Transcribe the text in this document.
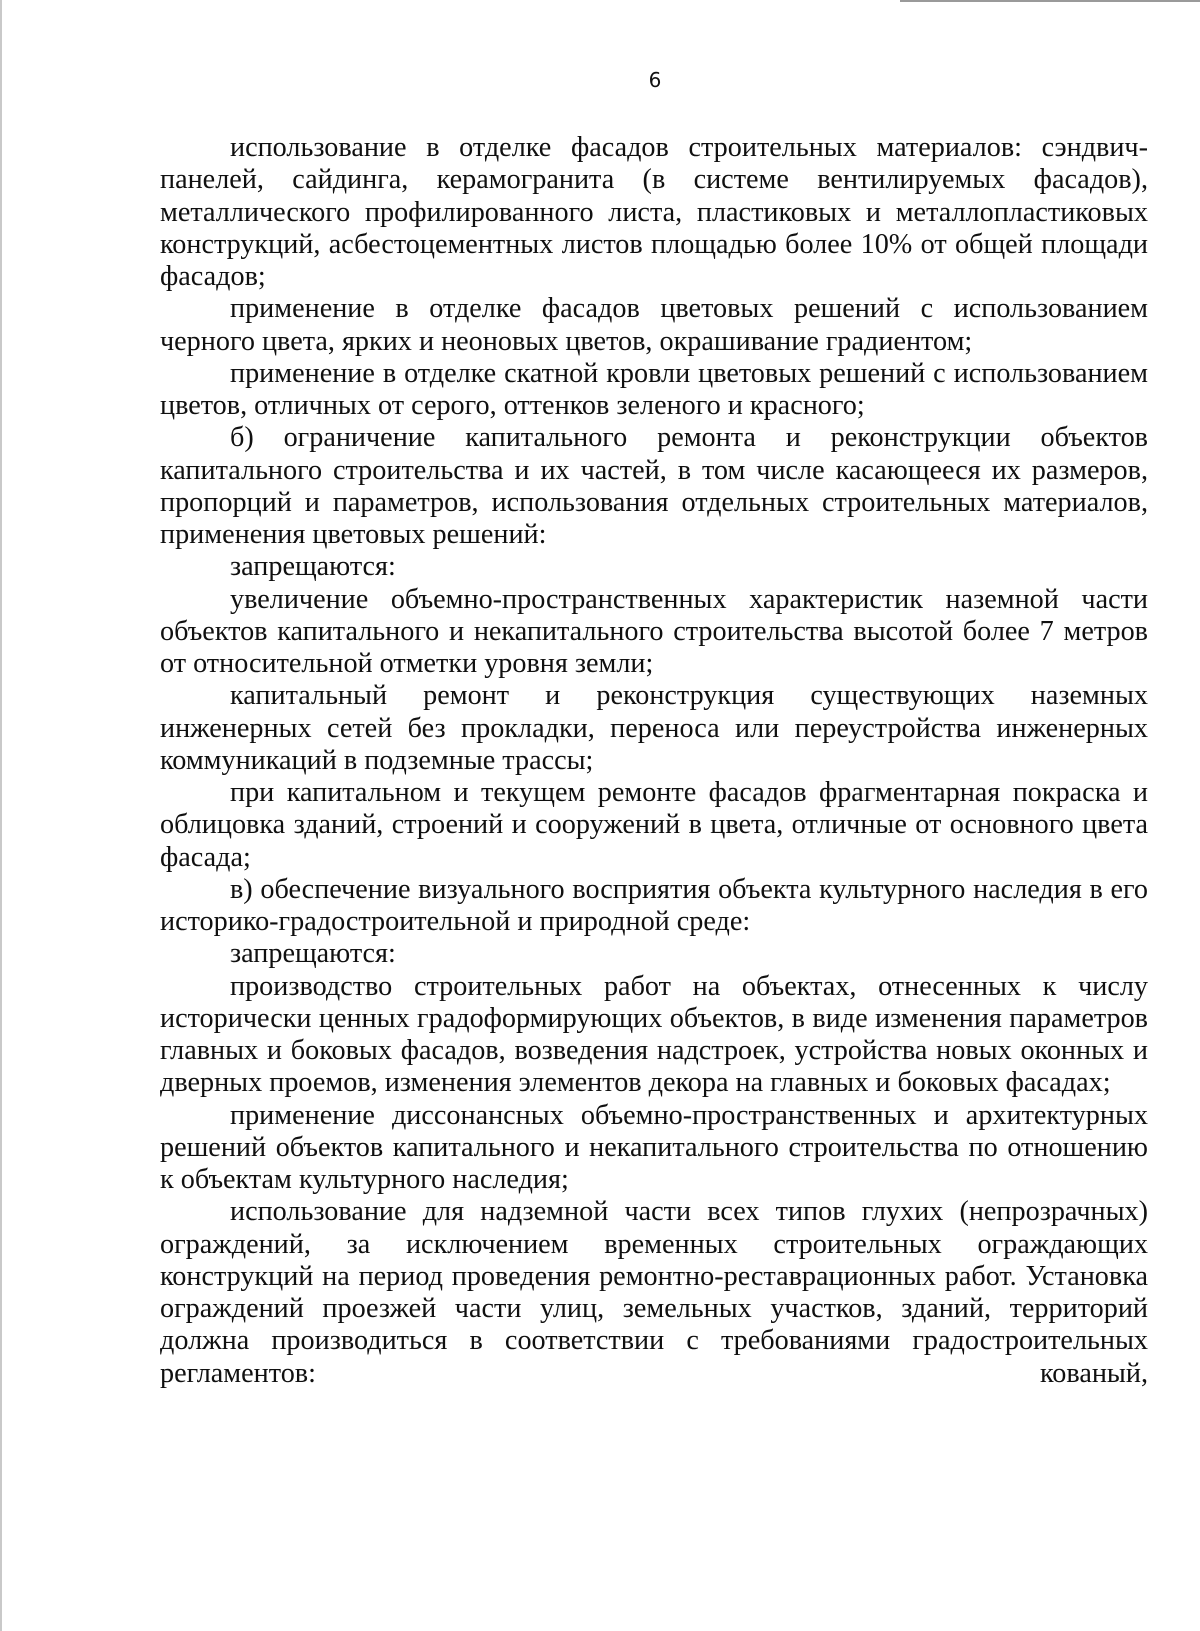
6

использование в отделке фасадов строительных материалов: сэндвич-панелей, сайдинга, керамогранита (в системе вентилируемых фасадов), металлического профилированного листа, пластиковых и металлопластиковых конструкций, асбестоцементных листов площадью более 10% от общей площади фасадов;

применение в отделке фасадов цветовых решений с использованием черного цвета, ярких и неоновых цветов, окрашивание градиентом;

применение в отделке скатной кровли цветовых решений с использованием цветов, отличных от серого, оттенков зеленого и красного;

б) ограничение капитального ремонта и реконструкции объектов капитального строительства и их частей, в том числе касающееся их размеров, пропорций и параметров, использования отдельных строительных материалов, применения цветовых решений:

запрещаются:

увеличение объемно-пространственных характеристик наземной части объектов капитального и некапитального строительства высотой более 7 метров от относительной отметки уровня земли;

капитальный ремонт и реконструкция существующих наземных инженерных сетей без прокладки, переноса или переустройства инженерных коммуникаций в подземные трассы;

при капитальном и текущем ремонте фасадов фрагментарная покраска и облицовка зданий, строений и сооружений в цвета, отличные от основного цвета фасада;

в) обеспечение визуального восприятия объекта культурного наследия в его историко-градостроительной и природной среде:

запрещаются:

производство строительных работ на объектах, отнесенных к числу исторически ценных градоформирующих объектов, в виде изменения параметров главных и боковых фасадов, возведения надстроек, устройства новых оконных и дверных проемов, изменения элементов декора на главных и боковых фасадах;

применение диссонансных объемно-пространственных и архитектурных решений объектов капитального и некапитального строительства по отношению к объектам культурного наследия;

использование для надземной части всех типов глухих (непрозрачных) ограждений, за исключением временных строительных ограждающих конструкций на период проведения ремонтно-реставрационных работ. Установка ограждений проезжей части улиц, земельных участков, зданий, территорий должна производиться в соответствии с требованиями градостроительных регламентов: кованый,
